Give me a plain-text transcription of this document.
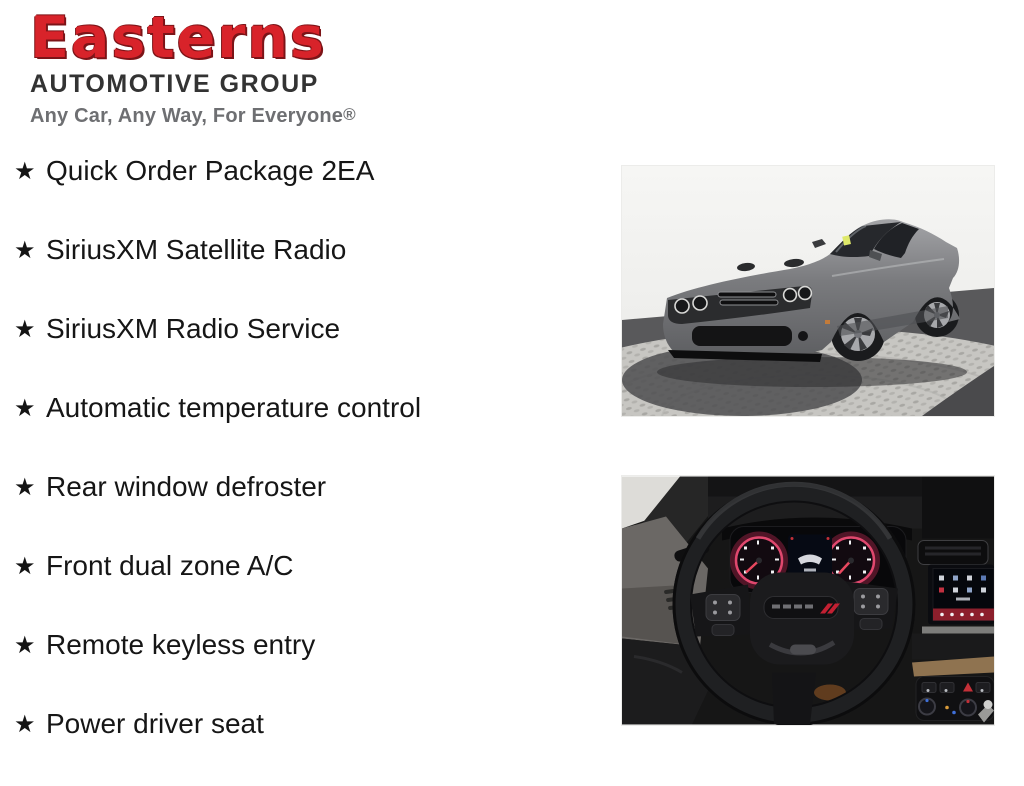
Easterns
AUTOMOTIVE GROUP
Any Car, Any Way, For Everyone®
★ Quick Order Package 2EA
★ SiriusXM Satellite Radio
★ SiriusXM Radio Service
★ Automatic temperature control
★ Rear window defroster
★ Front dual zone A/C
★ Remote keyless entry
★ Power driver seat
